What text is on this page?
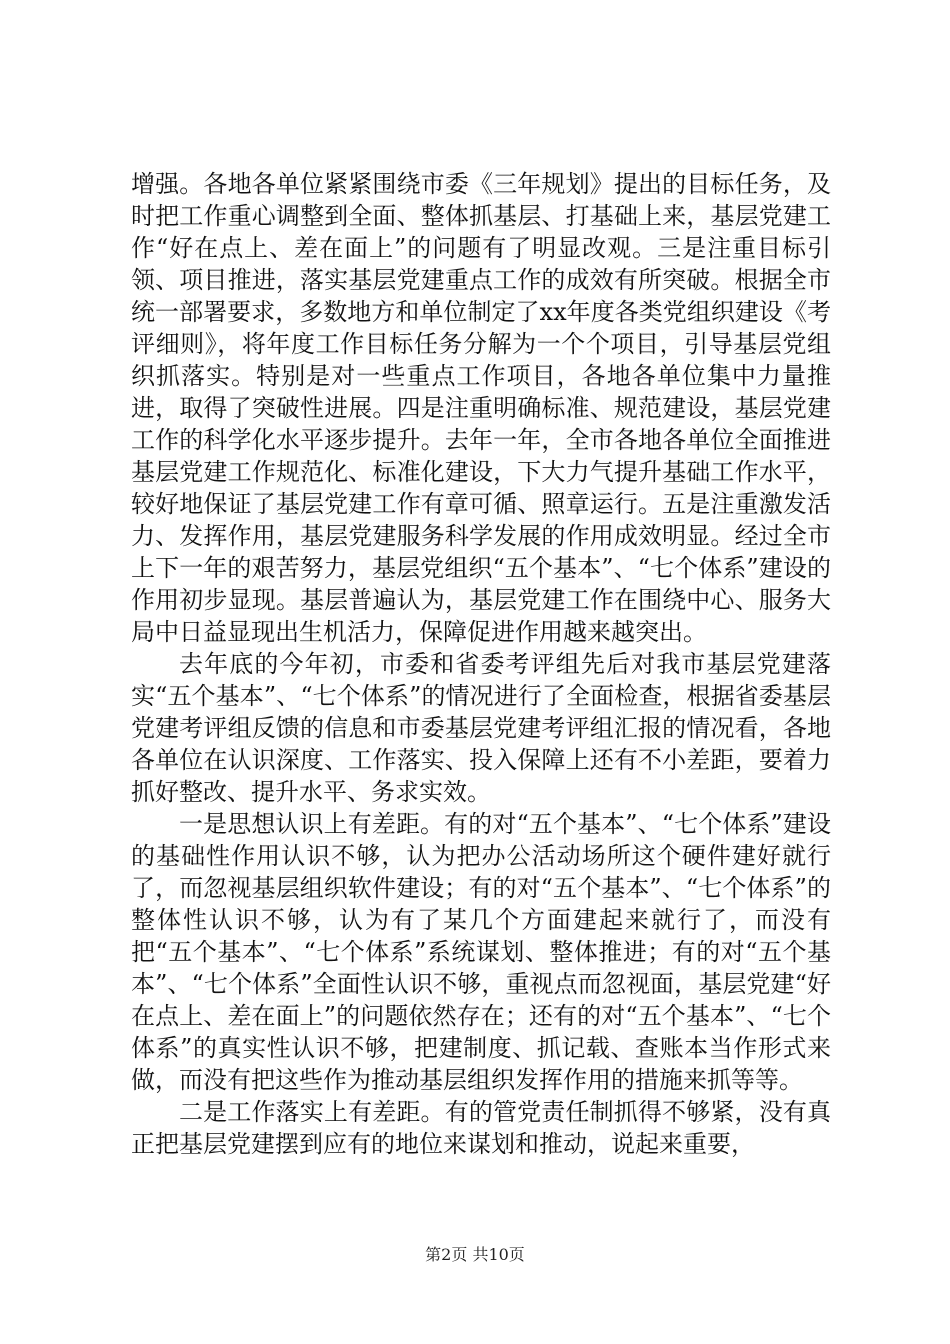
增强。各地各单位紧紧围绕市委《三年规划》提出的目标任务，及时把工作重心调整到全面、整体抓基层、打基础上来，基层党建工作“好在点上、差在面上”的问题有了明显改观。三是注重目标引领、项目推进，落实基层党建重点工作的成效有所突破。根据全市统一部署要求，多数地方和单位制定了xx年度各类党组织建设《考评细则》，将年度工作目标任务分解为一个个项目，引导基层党组织抓落实。特别是对一些重点工作项目，各地各单位集中力量推进，取得了突破性进展。四是注重明确标准、规范建设，基层党建工作的科学化水平逐步提升。去年一年，全市各地各单位全面推进基层党建工作规范化、标准化建设，下大力气提升基础工作水平，较好地保证了基层党建工作有章可循、照章运行。五是注重激发活力、发挥作用，基层党建服务科学发展的作用成效明显。经过全市上下一年的艰苦努力，基层党组织“五个基本”、“七个体系”建设的作用初步显现。基层普遍认为，基层党建工作在围绕中心、服务大局中日益显现出生机活力，保障促进作用越来越突出。

去年底的今年初，市委和省委考评组先后对我市基层党建落实“五个基本”、“七个体系”的情况进行了全面检查，根据省委基层党建考评组反馈的信息和市委基层党建考评组汇报的情况看，各地各单位在认识深度、工作落实、投入保障上还有不小差距，要着力抓好整改、提升水平、务求实效。

一是思想认识上有差距。有的对“五个基本”、“七个体系”建设的基础性作用认识不够，认为把办公活动场所这个硬件建好就行了，而忽视基层组织软件建设；有的对“五个基本”、“七个体系”的整体性认识不够，认为有了某几个方面建起来就行了，而没有把“五个基本”、“七个体系”系统谋划、整体推进；有的对“五个基本”、“七个体系”全面性认识不够，重视点而忽视面，基层党建“好在点上、差在面上”的问题依然存在；还有的对“五个基本”、“七个体系”的真实性认识不够，把建制度、抓记载、查账本当作形式来做，而没有把这些作为推动基层组织发挥作用的措施来抓等等。

二是工作落实上有差距。有的管党责任制抓得不够紧，没有真正把基层党建摆到应有的地位来谋划和推动，说起来重要，

第2页 共10页
